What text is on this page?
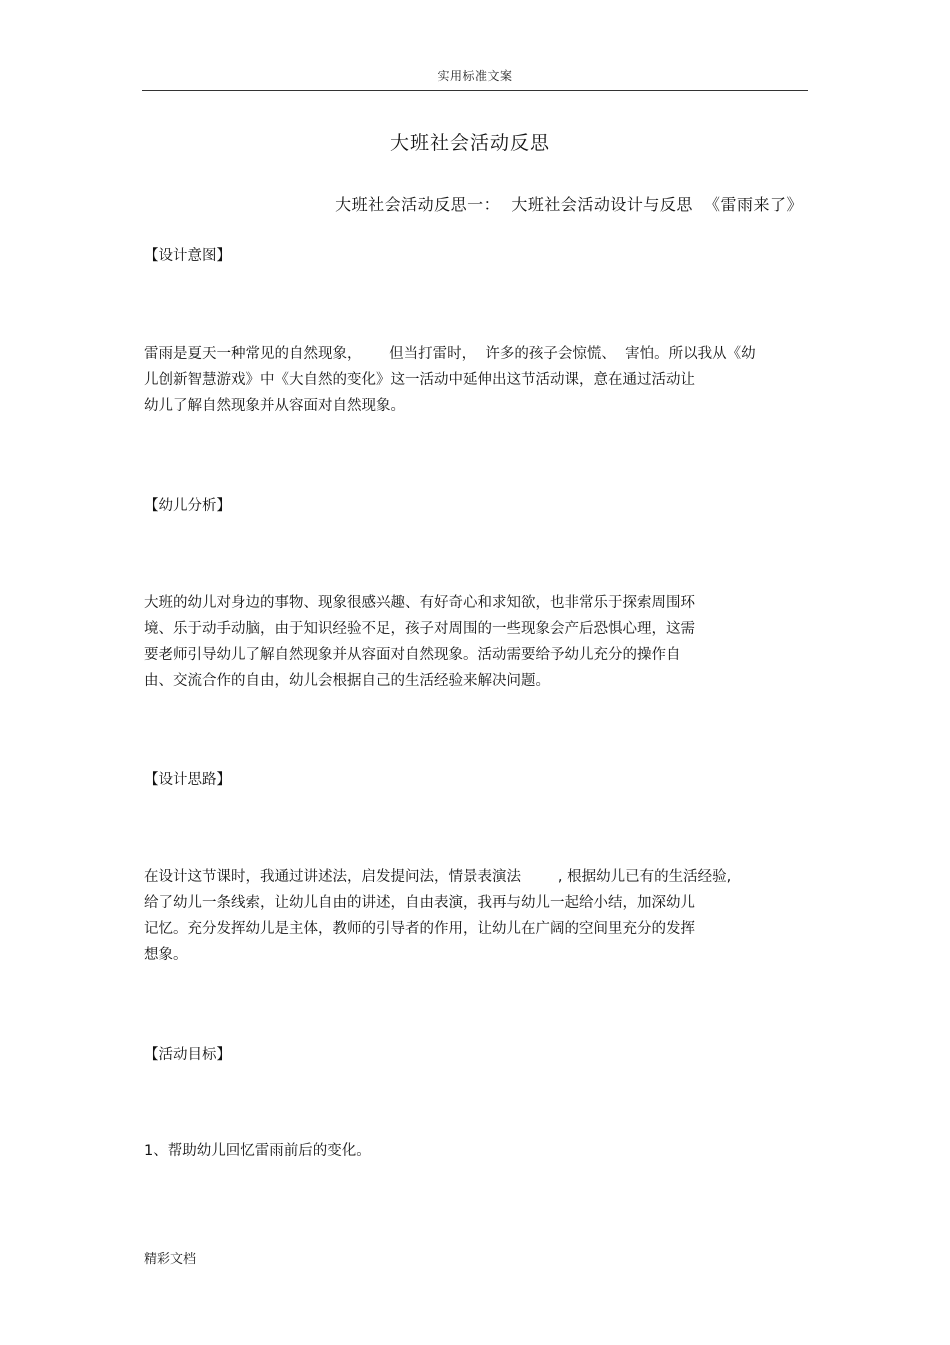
实用标准文案
大班社会活动反思
大班社会活动反思一：  大班社会活动设计与反思  《雷雨来了》
【设计意图】
雷雨是夏天一种常见的自然现象，      但当打雷时，  许多的孩子会惊慌、  害怕。所以我从《幼
儿创新智慧游戏》中《大自然的变化》这一活动中延伸出这节活动课，意在通过活动让
幼儿了解自然现象并从容面对自然现象。
【幼儿分析】
大班的幼儿对身边的事物、现象很感兴趣、有好奇心和求知欲，也非常乐于探索周围环
境、乐于动手动脑，由于知识经验不足，孩子对周围的一些现象会产后恐惧心理，这需
要老师引导幼儿了解自然现象并从容面对自然现象。活动需要给予幼儿充分的操作自
由、交流合作的自由，幼儿会根据自己的生活经验来解决问题。
【设计思路】
在设计这节课时，我通过讲述法，启发提问法，情景表演法        , 根据幼儿已有的生活经验,
给了幼儿一条线索，让幼儿自由的讲述，自由表演，我再与幼儿一起给小结，加深幼儿
记忆。充分发挥幼儿是主体，教师的引导者的作用，让幼儿在广阔的空间里充分的发挥
想象。
【活动目标】
1、帮助幼儿回忆雷雨前后的变化。
精彩文档
